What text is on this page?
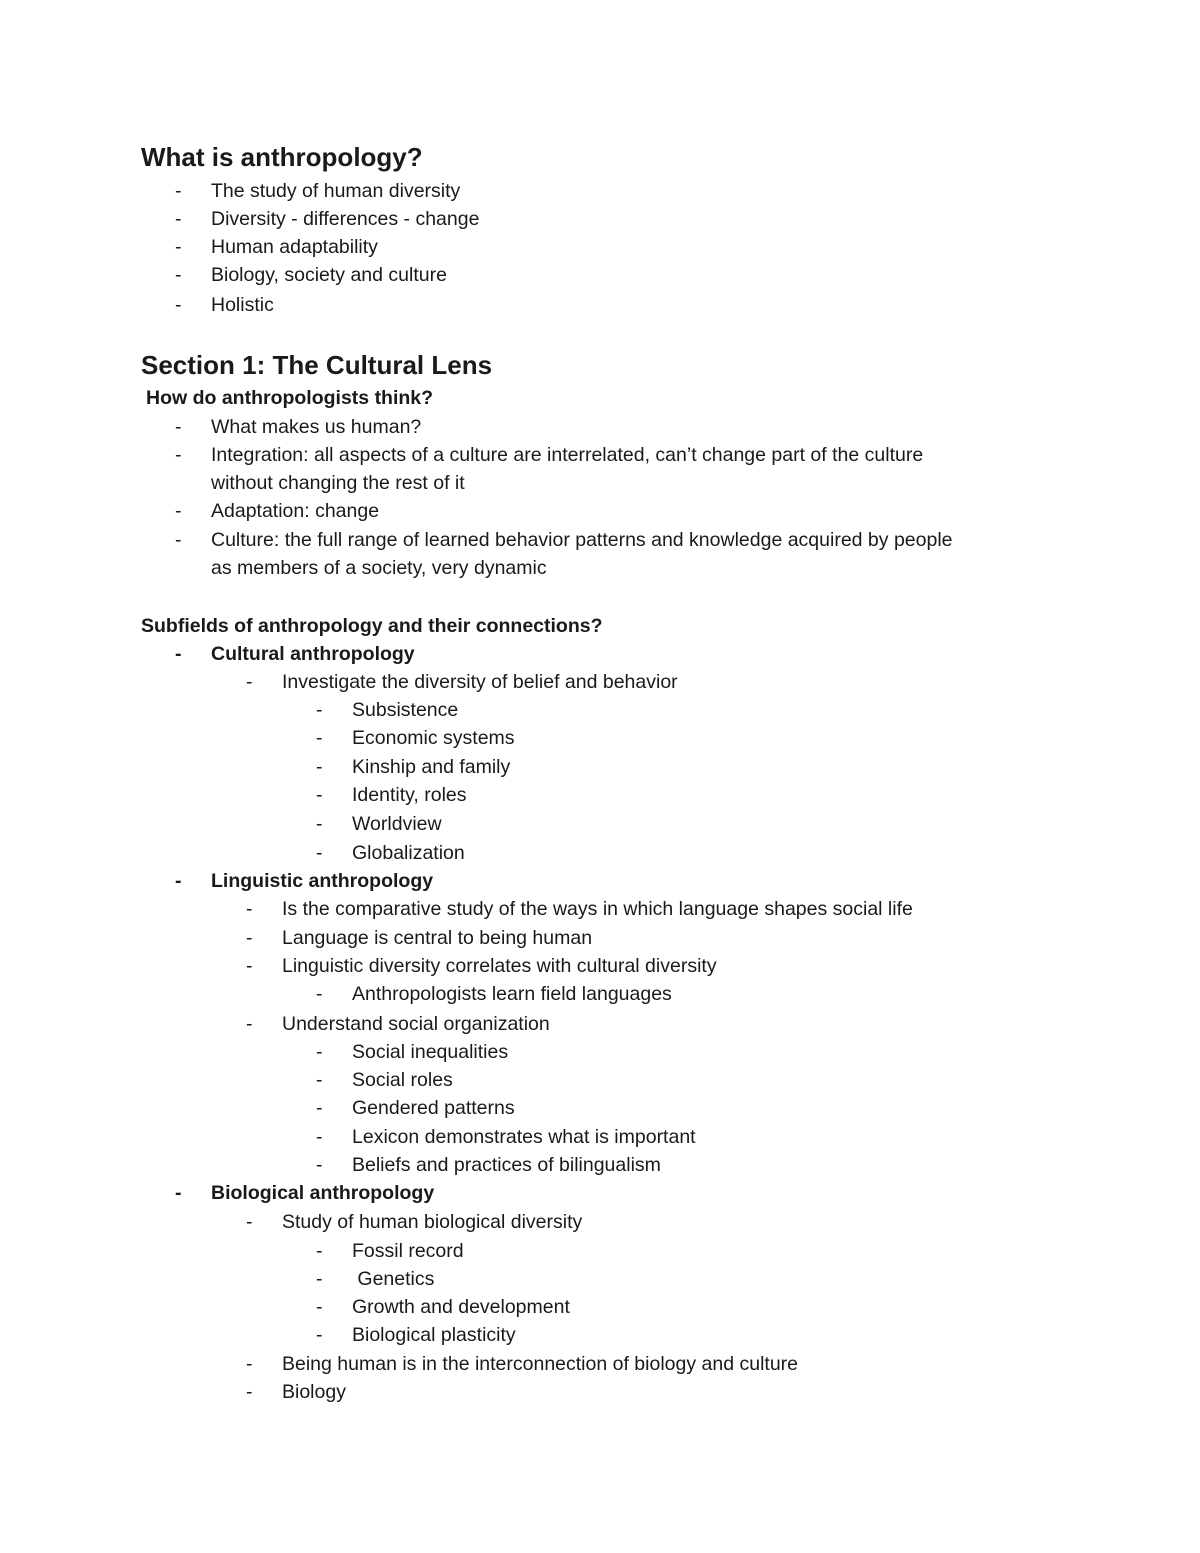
What is anthropology?
- The study of human diversity
- Diversity - differences - change
- Human adaptability
- Biology, society and culture
- Holistic
Section 1: The Cultural Lens
How do anthropologists think?
- What makes us human?
- Integration: all aspects of a culture are interrelated, can’t change part of the culture
without changing the rest of it
- Adaptation: change
- Culture: the full range of learned behavior patterns and knowledge acquired by people
as members of a society, very dynamic
Subfields of anthropology and their connections?
- Cultural anthropology
- Investigate the diversity of belief and behavior
- Subsistence
- Economic systems
- Kinship and family
- Identity, roles
- Worldview
- Globalization
- Linguistic anthropology
- Is the comparative study of the ways in which language shapes social life
- Language is central to being human
- Linguistic diversity correlates with cultural diversity
- Anthropologists learn field languages
- Understand social organization
- Social inequalities
- Social roles
- Gendered patterns
- Lexicon demonstrates what is important
- Beliefs and practices of bilingualism
- Biological anthropology
- Study of human biological diversity
- Fossil record
- Genetics
- Growth and development
- Biological plasticity
- Being human is in the interconnection of biology and culture
- Biology
